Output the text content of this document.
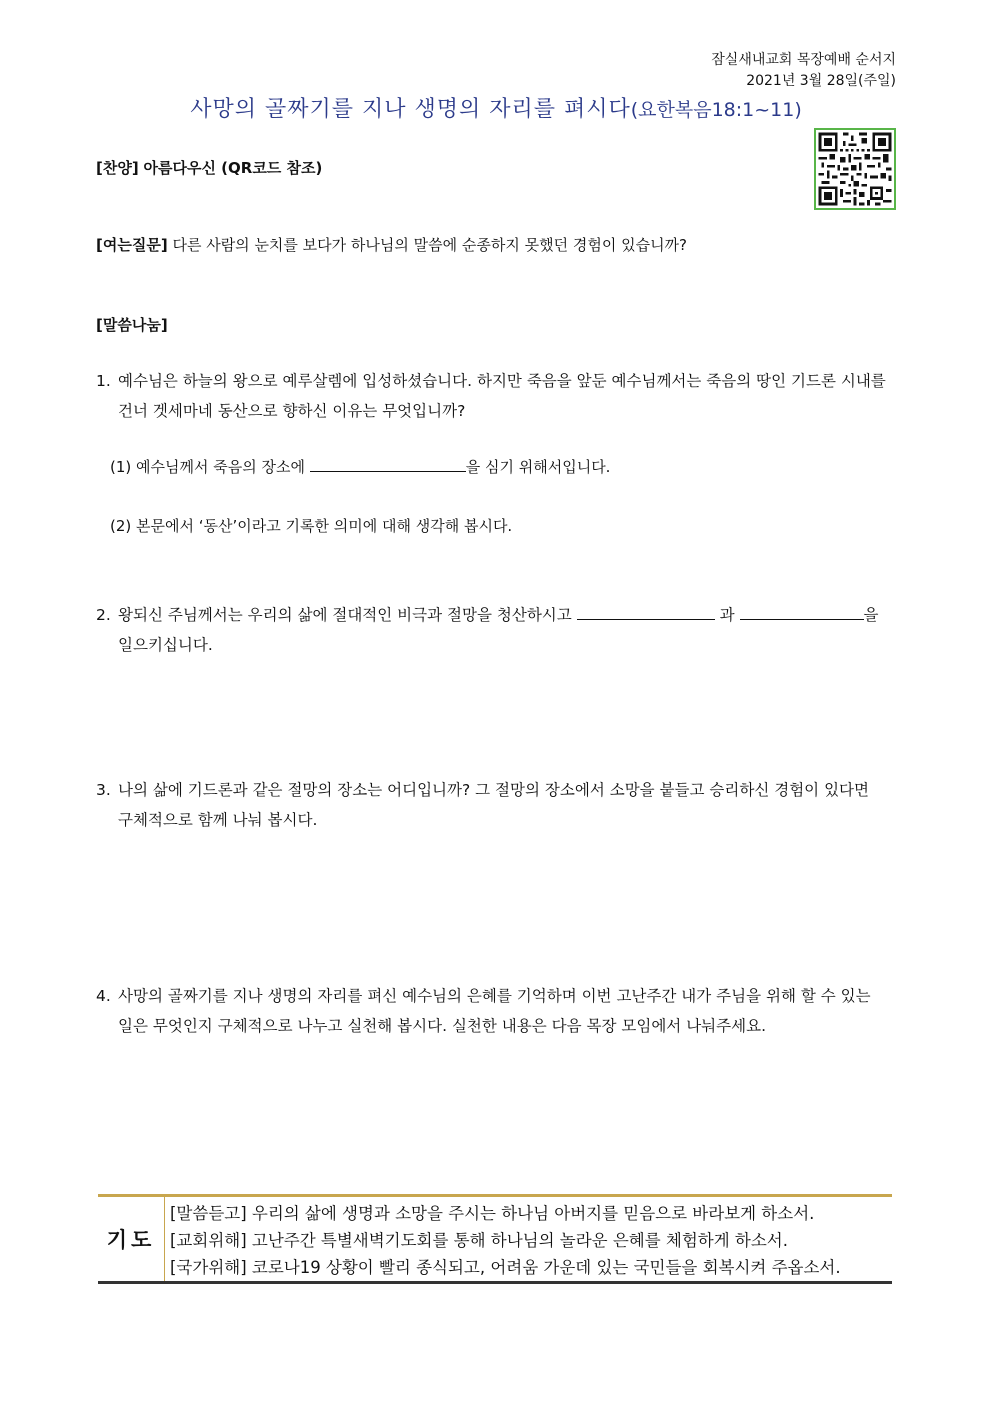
잠실새내교회 목장예배 순서지
2021년 3월 28일(주일)
사망의 골짜기를 지나 생명의 자리를 펴시다(요한복음18:1~11)
[찬양] 아름다우신 (QR코드 참조)
[여는질문] 다른 사람의 눈치를 보다가 하나님의 말씀에 순종하지 못했던 경험이 있습니까?
[말씀나눔]
1. 예수님은 하늘의 왕으로 예루살렘에 입성하셨습니다. 하지만 죽음을 앞둔 예수님께서는 죽음의 땅인 기드론 시내를
건너 겟세마네 동산으로 향하신 이유는 무엇입니까?
(1) 예수님께서 죽음의 장소에	을 심기 위해서입니다.
(2) 본문에서 ‘동산’이라고 기록한 의미에 대해 생각해 봅시다.
2. 왕되신 주님께서는 우리의 삶에 절대적인 비극과 절망을 청산하시고	과	을
일으키십니다.
3. 나의 삶에 기드론과 같은 절망의 장소는 어디입니까? 그 절망의 장소에서 소망을 붙들고 승리하신 경험이 있다면
구체적으로 함께 나눠 봅시다.
4. 사망의 골짜기를 지나 생명의 자리를 펴신 예수님의 은혜를 기억하며 이번 고난주간 내가 주님을 위해 할 수 있는
일은 무엇인지 구체적으로 나누고 실천해 봅시다. 실천한 내용은 다음 목장 모임에서 나눠주세요.
기도
[말씀듣고] 우리의 삶에 생명과 소망을 주시는 하나님 아버지를 믿음으로 바라보게 하소서.
[교회위해] 고난주간 특별새벽기도회를 통해 하나님의 놀라운 은혜를 체험하게 하소서.
[국가위해] 코로나19 상황이 빨리 종식되고, 어려움 가운데 있는 국민들을 회복시켜 주옵소서.
